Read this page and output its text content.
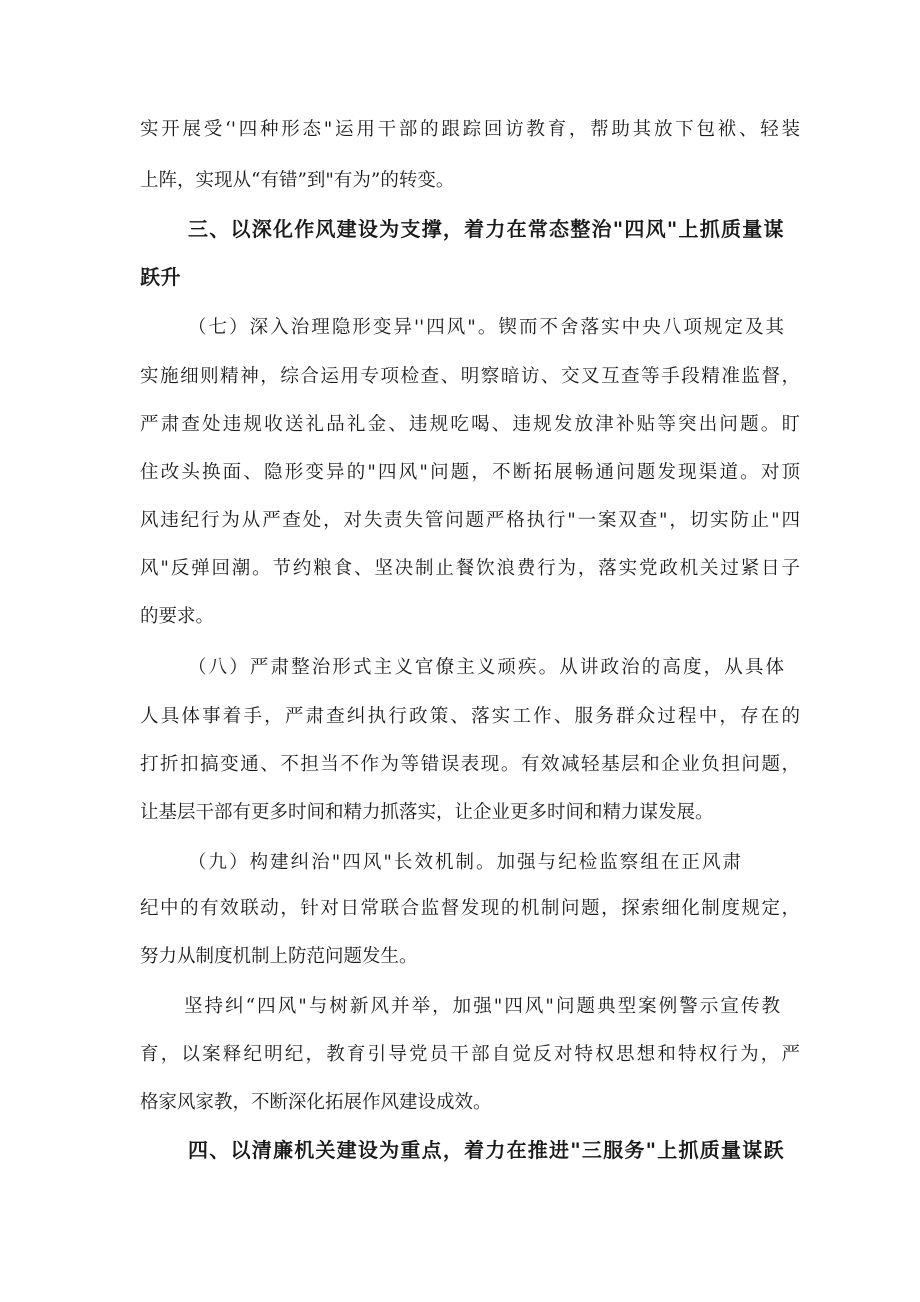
实开展受‘'四种形态"运用干部的跟踪回访教育，帮助其放下包袱、轻装
上阵，实现从“有错”到"有为”的转变。
三、以深化作风建设为支撑，着力在常态整治"四风"上抓质量谋
跃升
（七）深入治理隐形变异''四风"。锲而不舍落实中央八项规定及其
实施细则精神，综合运用专项检查、明察暗访、交叉互查等手段精准监督，
严肃查处违规收送礼品礼金、违规吃喝、违规发放津补贴等突出问题。盯
住改头换面、隐形变异的"四风"问题，不断拓展畅通问题发现渠道。对顶
风违纪行为从严查处，对失责失管问题严格执行"一案双查"，切实防止"四
风"反弹回潮。节约粮食、坚决制止餐饮浪费行为，落实党政机关过紧日子
的要求。
（八）严肃整治形式主义官僚主义顽疾。从讲政治的高度，从具体
人具体事着手，严肃查纠执行政策、落实工作、服务群众过程中，存在的
打折扣搞变通、不担当不作为等错误表现。有效减轻基层和企业负担问题，
让基层干部有更多时间和精力抓落实，让企业更多时间和精力谋发展。
（九）构建纠治"四风"长效机制。加强与纪检监察组在正风肃
纪中的有效联动，针对日常联合监督发现的机制问题，探索细化制度规定，
努力从制度机制上防范问题发生。
坚持纠“四风"与树新风并举，加强"四风"问题典型案例警示宣传教
育，以案释纪明纪，教育引导党员干部自觉反对特权思想和特权行为，严
格家风家教，不断深化拓展作风建设成效。
四、以清廉机关建设为重点，着力在推进"三服务"上抓质量谋跃
